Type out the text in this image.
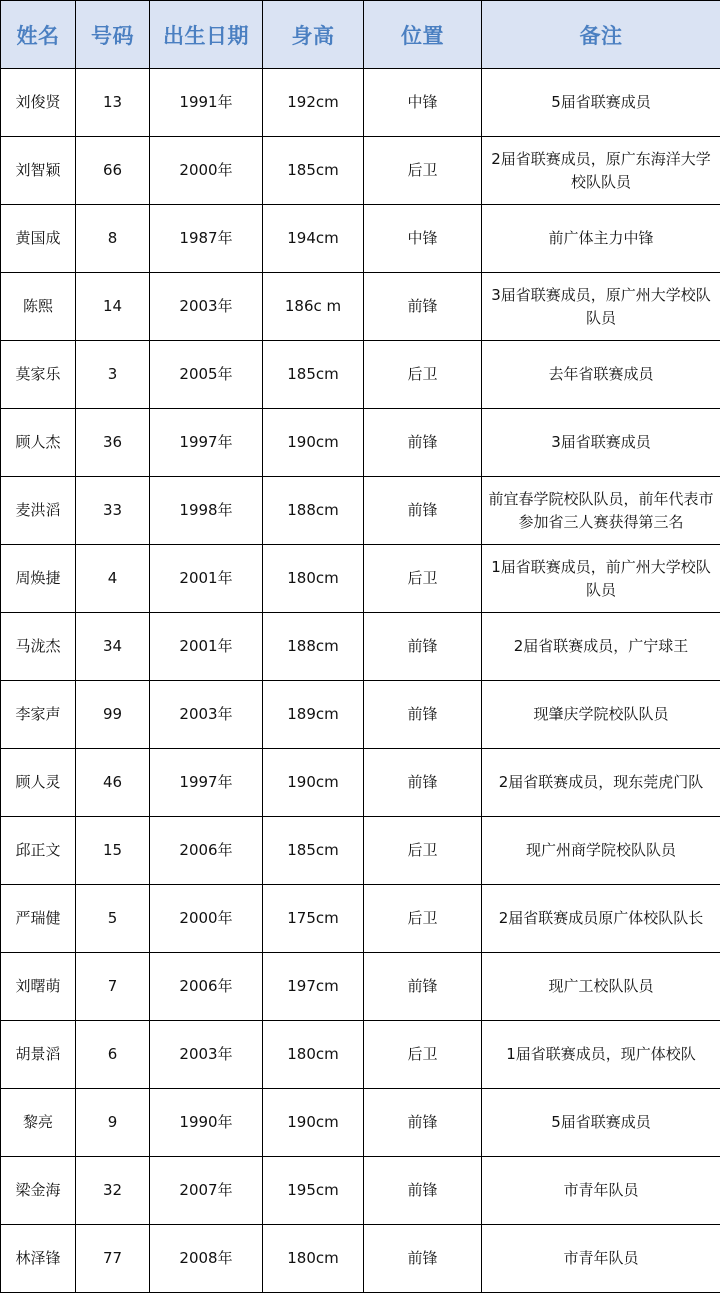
姓名	号码	出生日期	身高	位置	备注
刘俊贤	13	1991年	192cm	中锋	5届省联赛成员
刘智颖	66	2000年	185cm	后卫	2届省联赛成员，原广东海洋大学校队队员
黄国成	8	1987年	194cm	中锋	前广体主力中锋
陈熙	14	2003年	186c m	前锋	3届省联赛成员，原广州大学校队队员
莫家乐	3	2005年	185cm	后卫	去年省联赛成员
顾人杰	36	1997年	190cm	前锋	3届省联赛成员
麦洪滔	33	1998年	188cm	前锋	前宜春学院校队队员，前年代表市参加省三人赛获得第三名
周焕捷	4	2001年	180cm	后卫	1届省联赛成员，前广州大学校队队员
马泷杰	34	2001年	188cm	前锋	2届省联赛成员，广宁球王
李家声	99	2003年	189cm	前锋	现肇庆学院校队队员
顾人灵	46	1997年	190cm	前锋	2届省联赛成员，现东莞虎门队
邱正文	15	2006年	185cm	后卫	现广州商学院校队队员
严瑞健	5	2000年	175cm	后卫	2届省联赛成员原广体校队队长
刘曙萌	7	2006年	197cm	前锋	现广工校队队员
胡景滔	6	2003年	180cm	后卫	1届省联赛成员，现广体校队
黎亮	9	1990年	190cm	前锋	5届省联赛成员
梁金海	32	2007年	195cm	前锋	市青年队员
林泽锋	77	2008年	180cm	前锋	市青年队员
